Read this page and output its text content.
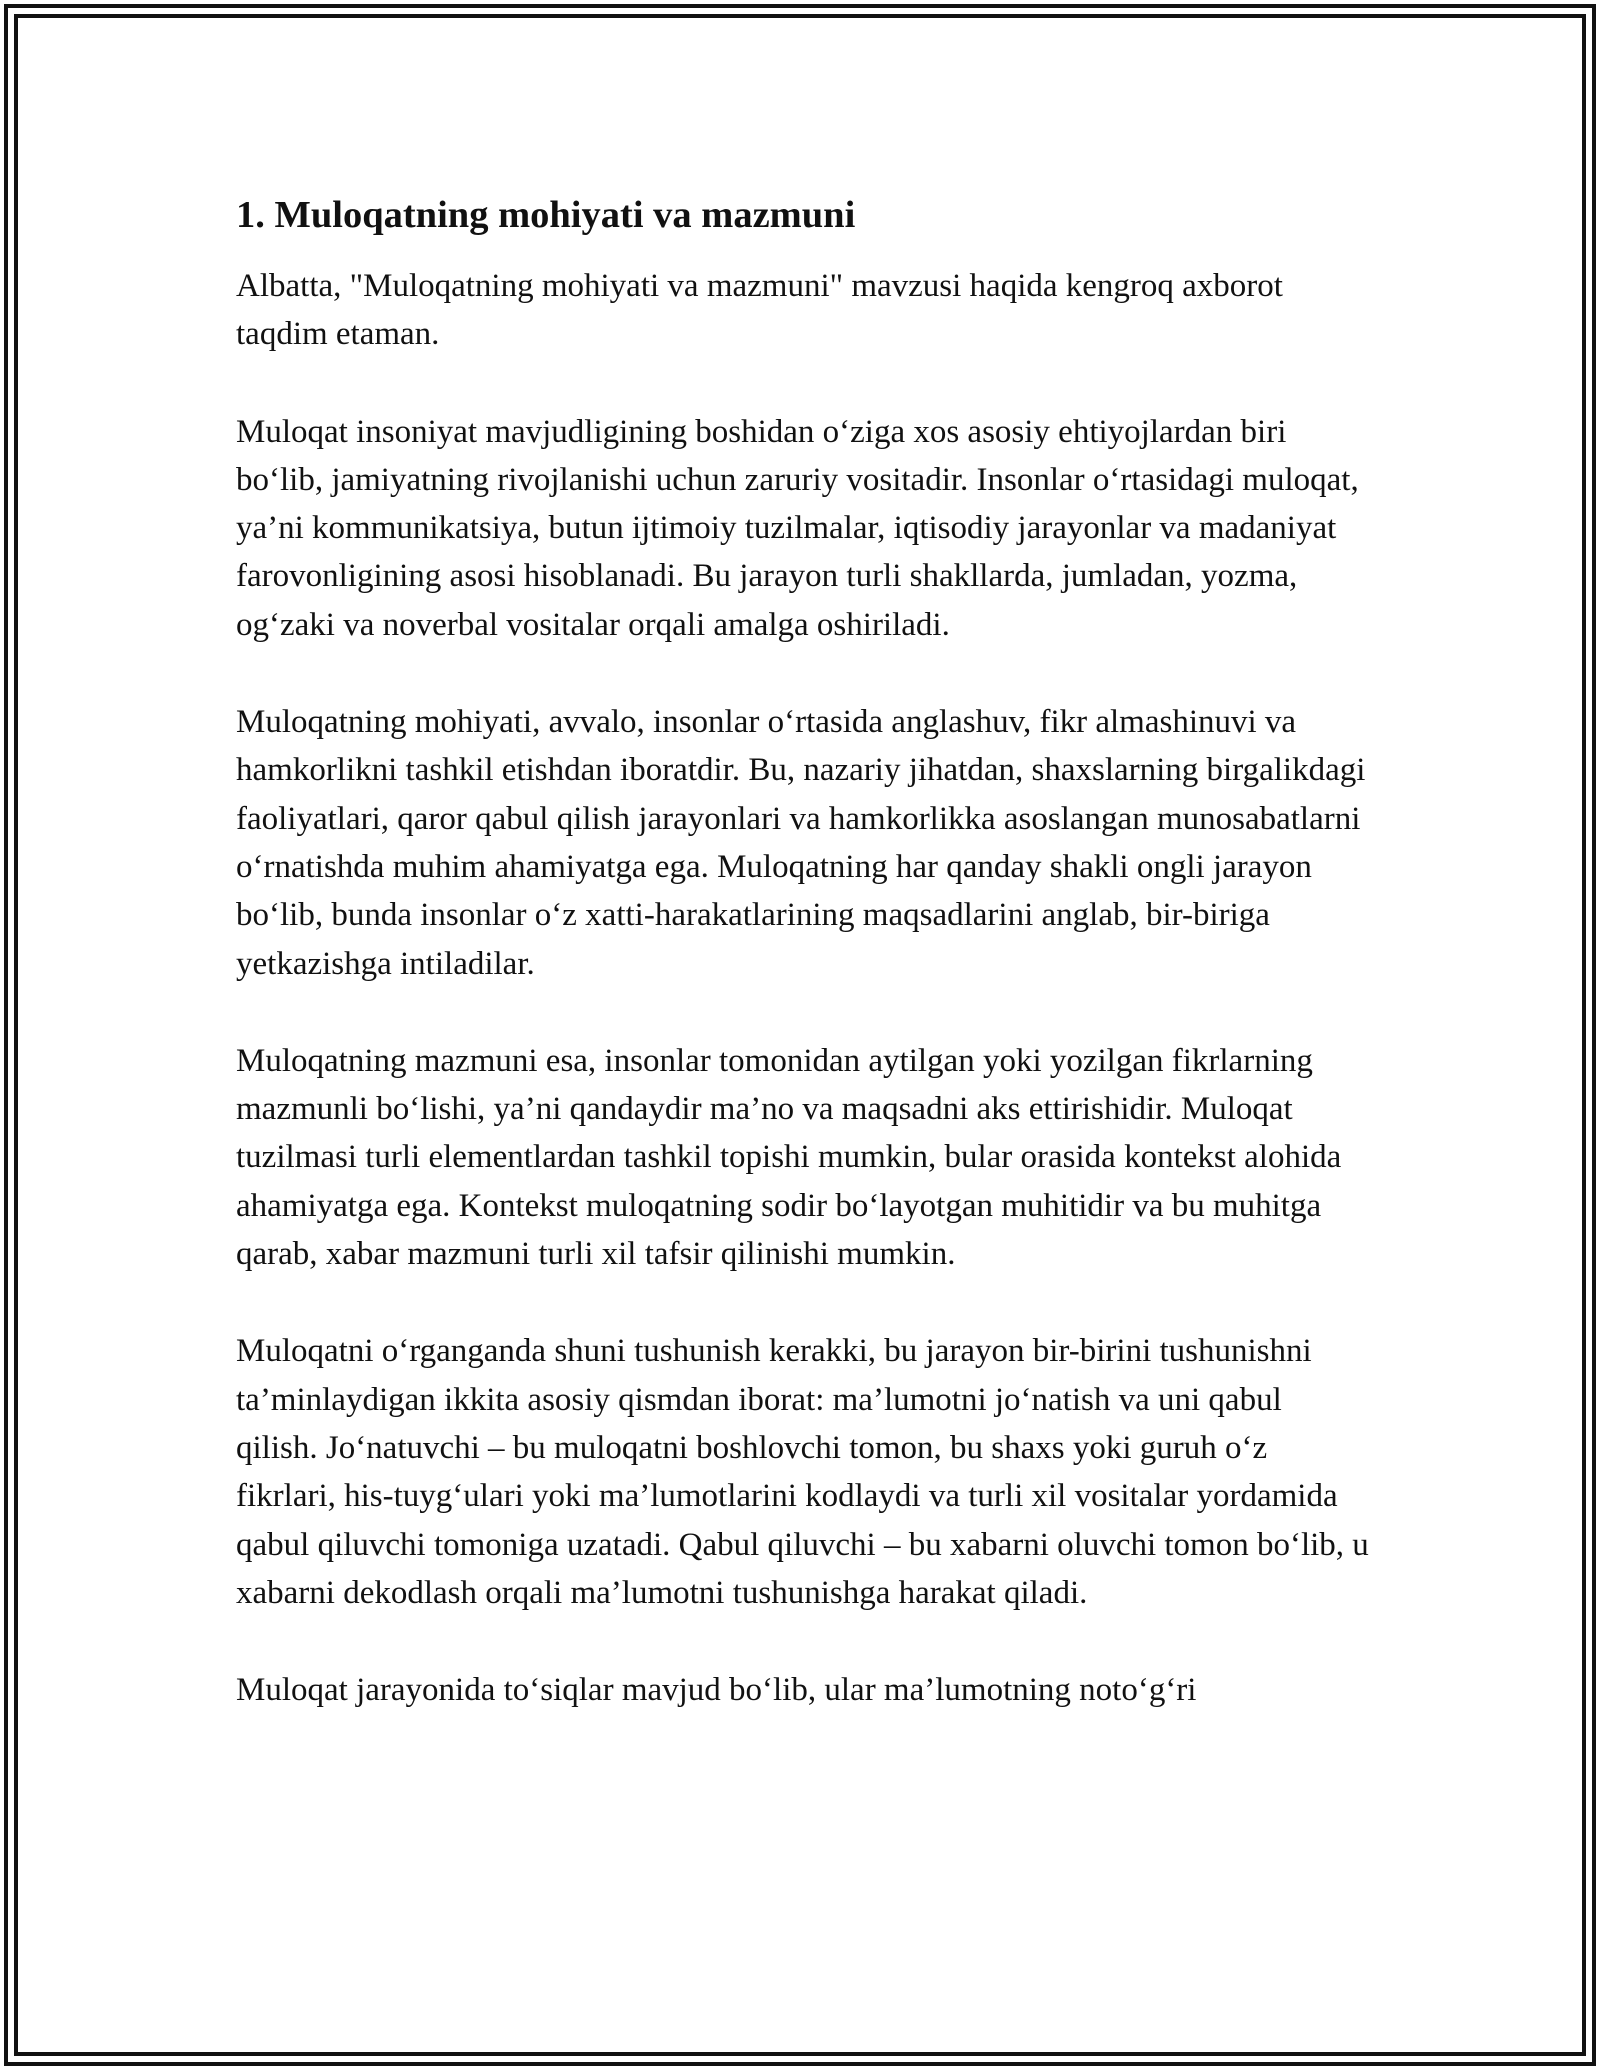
1. Muloqatning mohiyati va mazmuni

Albatta, "Muloqatning mohiyati va mazmuni" mavzusi haqida kengroq axborot taqdim etaman.

Muloqat insoniyat mavjudligining boshidan o‘ziga xos asosiy ehtiyojlardan biri bo‘lib, jamiyatning rivojlanishi uchun zaruriy vositadir. Insonlar o‘rtasidagi muloqat, ya’ni kommunikatsiya, butun ijtimoiy tuzilmalar, iqtisodiy jarayonlar va madaniyat farovonligining asosi hisoblanadi. Bu jarayon turli shakllarda, jumladan, yozma, og‘zaki va noverbal vositalar orqali amalga oshiriladi.

Muloqatning mohiyati, avvalo, insonlar o‘rtasida anglashuv, fikr almashinuvi va hamkorlikni tashkil etishdan iboratdir. Bu, nazariy jihatdan, shaxslarning birgalikdagi faoliyatlari, qaror qabul qilish jarayonlari va hamkorlikka asoslangan munosabatlarni o‘rnatishda muhim ahamiyatga ega. Muloqatning har qanday shakli ongli jarayon bo‘lib, bunda insonlar o‘z xatti-harakatlarining maqsadlarini anglab, bir-biriga yetkazishga intiladilar.

Muloqatning mazmuni esa, insonlar tomonidan aytilgan yoki yozilgan fikrlarning mazmunli bo‘lishi, ya’ni qandaydir ma’no va maqsadni aks ettirishidir. Muloqat tuzilmasi turli elementlardan tashkil topishi mumkin, bular orasida kontekst alohida ahamiyatga ega. Kontekst muloqatning sodir bo‘layotgan muhitidir va bu muhitga qarab, xabar mazmuni turli xil tafsir qilinishi mumkin.

Muloqatni o‘rganganda shuni tushunish kerakki, bu jarayon bir-birini tushunishni ta’minlaydigan ikkita asosiy qismdan iborat: ma’lumotni jo‘natish va uni qabul qilish. Jo‘natuvchi – bu muloqatni boshlovchi tomon, bu shaxs yoki guruh o‘z fikrlari, his-tuyg‘ulari yoki ma’lumotlarini kodlaydi va turli xil vositalar yordamida qabul qiluvchi tomoniga uzatadi. Qabul qiluvchi – bu xabarni oluvchi tomon bo‘lib, u xabarni dekodlash orqali ma’lumotni tushunishga harakat qiladi.

Muloqat jarayonida to‘siqlar mavjud bo‘lib, ular ma’lumotning noto‘g‘ri
